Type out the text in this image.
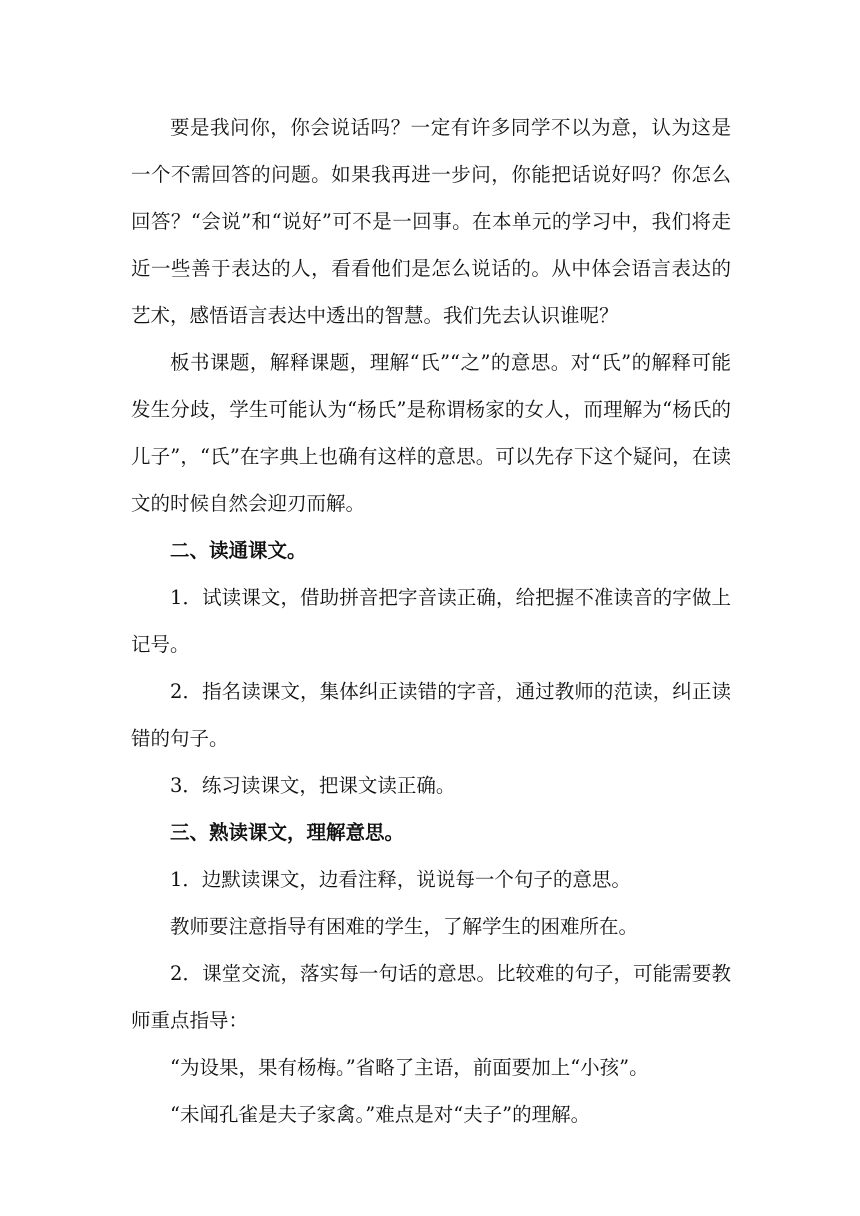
要是我问你，你会说话吗？一定有许多同学不以为意，认为这是一个不需回答的问题。如果我再进一步问，你能把话说好吗？你怎么回答？“会说”和“说好”可不是一回事。在本单元的学习中，我们将走近一些善于表达的人，看看他们是怎么说话的。从中体会语言表达的艺术，感悟语言表达中透出的智慧。我们先去认识谁呢？

板书课题，解释课题，理解“氏”“之”的意思。对“氏”的解释可能发生分歧，学生可能认为“杨氏”是称谓杨家的女人，而理解为“杨氏的儿子”，“氏”在字典上也确有这样的意思。可以先存下这个疑问，在读文的时候自然会迎刃而解。

二、读通课文。

1．试读课文，借助拼音把字音读正确，给把握不准读音的字做上记号。

2．指名读课文，集体纠正读错的字音，通过教师的范读，纠正读错的句子。

3．练习读课文，把课文读正确。

三、熟读课文，理解意思。

1．边默读课文，边看注释，说说每一个句子的意思。

教师要注意指导有困难的学生，了解学生的困难所在。

2．课堂交流，落实每一句话的意思。比较难的句子，可能需要教师重点指导：

“为设果，果有杨梅。”省略了主语，前面要加上“小孩”。

“未闻孔雀是夫子家禽。”难点是对“夫子”的理解。
